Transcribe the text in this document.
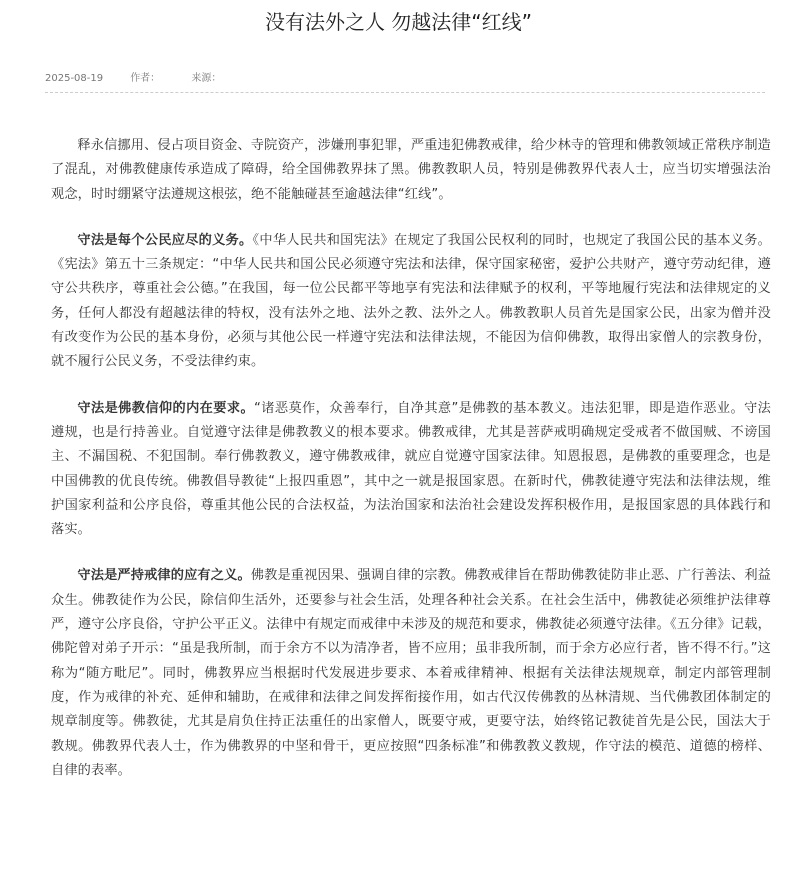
没有法外之人 勿越法律“红线”
2025-08-19	作者：	来源：

释永信挪用、侵占项目资金、寺院资产，涉嫌刑事犯罪，严重违犯佛教戒律，给少林寺的管理和佛教领域正常秩序制造了混乱，对佛教健康传承造成了障碍，给全国佛教界抹了黑。佛教教职人员，特别是佛教界代表人士，应当切实增强法治观念，时时绷紧守法遵规这根弦，绝不能触碰甚至逾越法律“红线”。

守法是每个公民应尽的义务。《中华人民共和国宪法》在规定了我国公民权利的同时，也规定了我国公民的基本义务。《宪法》第五十三条规定：“中华人民共和国公民必须遵守宪法和法律，保守国家秘密，爱护公共财产，遵守劳动纪律，遵守公共秩序，尊重社会公德。”在我国，每一位公民都平等地享有宪法和法律赋予的权利，平等地履行宪法和法律规定的义务，任何人都没有超越法律的特权，没有法外之地、法外之教、法外之人。佛教教职人员首先是国家公民，出家为僧并没有改变作为公民的基本身份，必须与其他公民一样遵守宪法和法律法规，不能因为信仰佛教，取得出家僧人的宗教身份，就不履行公民义务，不受法律约束。

守法是佛教信仰的内在要求。“诸恶莫作，众善奉行，自净其意”是佛教的基本教义。违法犯罪，即是造作恶业。守法遵规，也是行持善业。自觉遵守法律是佛教教义的根本要求。佛教戒律，尤其是菩萨戒明确规定受戒者不做国贼、不谤国主、不漏国税、不犯国制。奉行佛教教义，遵守佛教戒律，就应自觉遵守国家法律。知恩报恩，是佛教的重要理念，也是中国佛教的优良传统。佛教倡导教徒“上报四重恩”，其中之一就是报国家恩。在新时代，佛教徒遵守宪法和法律法规，维护国家利益和公序良俗，尊重其他公民的合法权益，为法治国家和法治社会建设发挥积极作用，是报国家恩的具体践行和落实。

守法是严持戒律的应有之义。佛教是重视因果、强调自律的宗教。佛教戒律旨在帮助佛教徒防非止恶、广行善法、利益众生。佛教徒作为公民，除信仰生活外，还要参与社会生活，处理各种社会关系。在社会生活中，佛教徒必须维护法律尊严，遵守公序良俗，守护公平正义。法律中有规定而戒律中未涉及的规范和要求，佛教徒必须遵守法律。《五分律》记载，佛陀曾对弟子开示：“虽是我所制，而于余方不以为清净者，皆不应用；虽非我所制，而于余方必应行者，皆不得不行。”这称为“随方毗尼”。同时，佛教界应当根据时代发展进步要求、本着戒律精神、根据有关法律法规规章，制定内部管理制度，作为戒律的补充、延伸和辅助，在戒律和法律之间发挥衔接作用，如古代汉传佛教的丛林清规、当代佛教团体制定的规章制度等。佛教徒，尤其是肩负住持正法重任的出家僧人，既要守戒，更要守法，始终铭记教徒首先是公民，国法大于教规。佛教界代表人士，作为佛教界的中坚和骨干，更应按照“四条标准”和佛教教义教规，作守法的模范、道德的榜样、自律的表率。
